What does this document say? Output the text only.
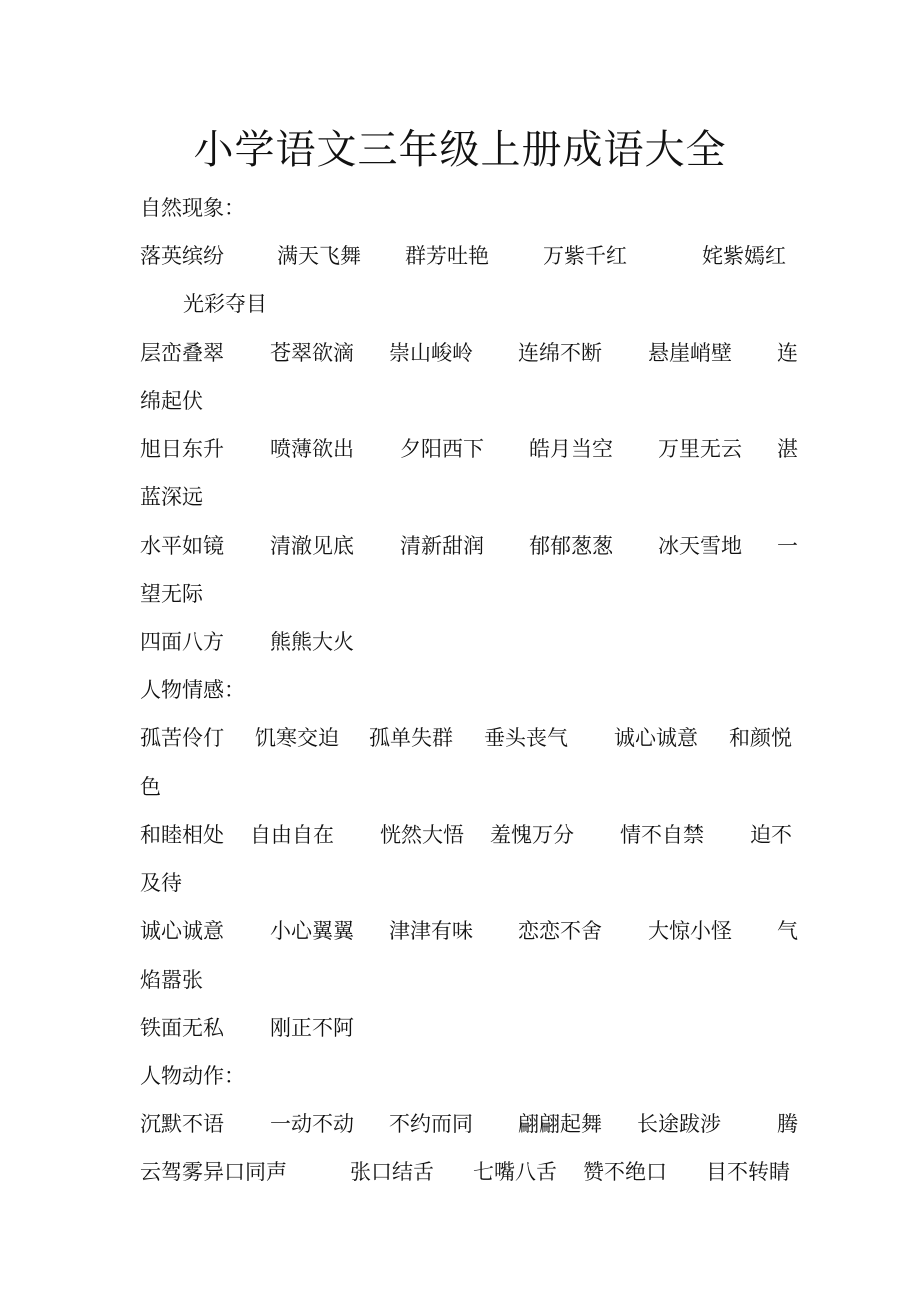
小学语文三年级上册成语大全
自然现象：
落英缤纷	满天飞舞 群芳吐艳	万紫千红	姹紫嫣红
光彩夺目
层峦叠翠 苍翠欲滴 崇山峻岭 连绵不断 悬崖峭壁 连
绵起伏
旭日东升 喷薄欲出 夕阳西下 皓月当空 万里无云 湛
蓝深远
水平如镜 清澈见底 清新甜润 郁郁葱葱 冰天雪地 一
望无际
四面八方 熊熊大火
人物情感：
孤苦伶仃 饥寒交迫 孤单失群 垂头丧气 诚心诚意 和颜悦
色
和睦相处 自由自在 恍然大悟 羞愧万分 情不自禁 迫不
及待
诚心诚意 小心翼翼 津津有味 恋恋不舍 大惊小怪 气
焰嚣张
铁面无私 刚正不阿
人物动作：
沉默不语 一动不动 不约而同 翩翩起舞 长途跋涉	腾
云驾雾异口同声	张口结舌 七嘴八舌 赞不绝口 目不转睛
